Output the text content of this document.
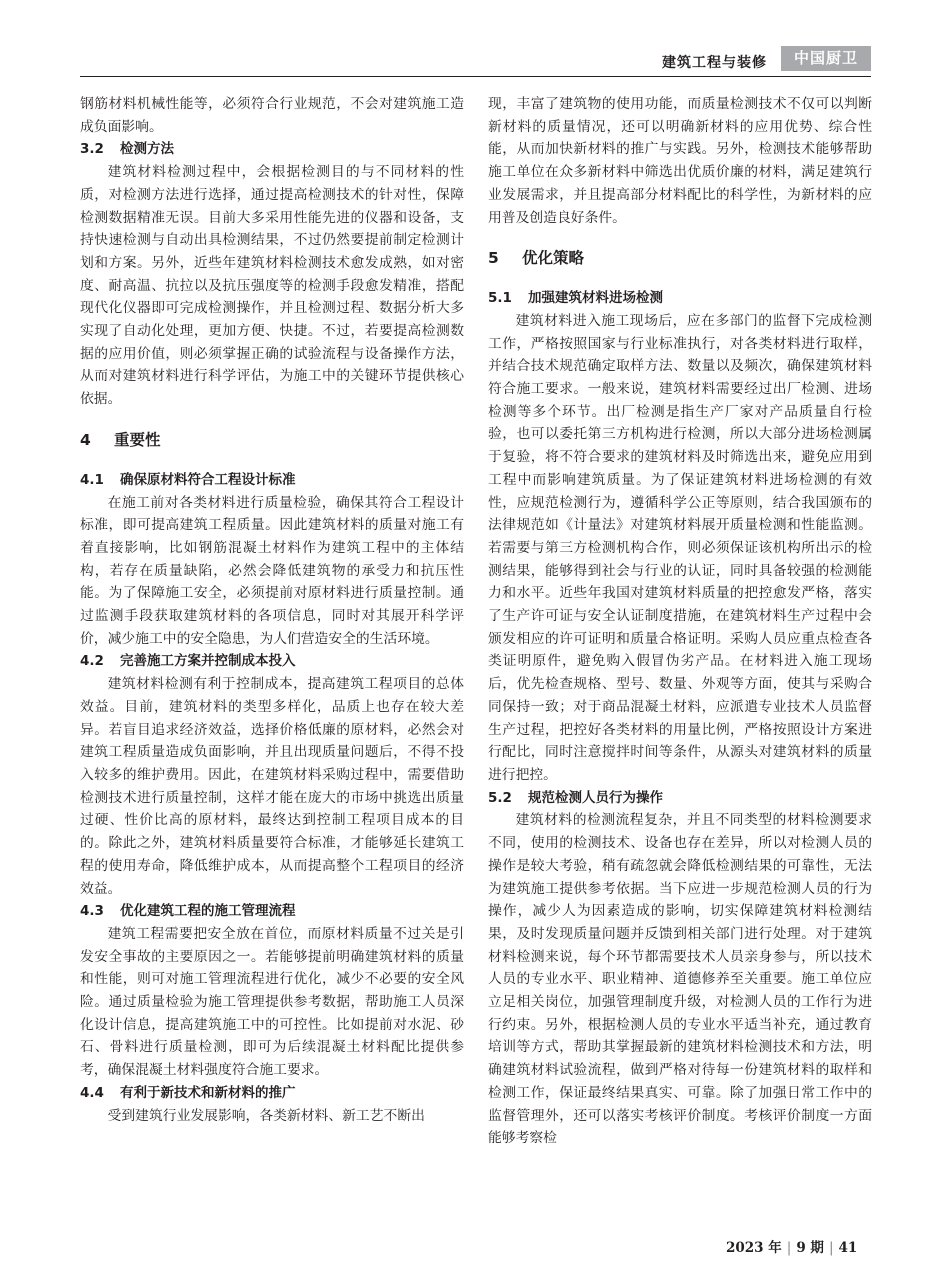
建筑工程与装修	中国厨卫

钢筋材料机械性能等，必须符合行业规范，不会对建筑施工造成负面影响。

3.2 检测方法

建筑材料检测过程中，会根据检测目的与不同材料的性质，对检测方法进行选择，通过提高检测技术的针对性，保障检测数据精准无误。目前大多采用性能先进的仪器和设备，支持快速检测与自动出具检测结果，不过仍然要提前制定检测计划和方案。另外，近些年建筑材料检测技术愈发成熟，如对密度、耐高温、抗拉以及抗压强度等的检测手段愈发精准，搭配现代化仪器即可完成检测操作，并且检测过程、数据分析大多实现了自动化处理，更加方便、快捷。不过，若要提高检测数据的应用价值，则必须掌握正确的试验流程与设备操作方法，从而对建筑材料进行科学评估，为施工中的关键环节提供核心依据。

4 重要性
4.1 确保原材料符合工程设计标准

在施工前对各类材料进行质量检验，确保其符合工程设计标准，即可提高建筑工程质量。因此建筑材料的质量对施工有着直接影响，比如钢筋混凝土材料作为建筑工程中的主体结构，若存在质量缺陷，必然会降低建筑物的承受力和抗压性能。为了保障施工安全，必须提前对原材料进行质量控制。通过监测手段获取建筑材料的各项信息，同时对其展开科学评价，减少施工中的安全隐患，为人们营造安全的生活环境。

4.2 完善施工方案并控制成本投入

建筑材料检测有利于控制成本，提高建筑工程项目的总体效益。目前，建筑材料的类型多样化，品质上也存在较大差异。若盲目追求经济效益，选择价格低廉的原材料，必然会对建筑工程质量造成负面影响，并且出现质量问题后，不得不投入较多的维护费用。因此，在建筑材料采购过程中，需要借助检测技术进行质量控制，这样才能在庞大的市场中挑选出质量过硬、性价比高的原材料，最终达到控制工程项目成本的目的。除此之外，建筑材料质量要符合标准，才能够延长建筑工程的使用寿命，降低维护成本，从而提高整个工程项目的经济效益。

4.3 优化建筑工程的施工管理流程

建筑工程需要把安全放在首位，而原材料质量不过关是引发安全事故的主要原因之一。若能够提前明确建筑材料的质量和性能，则可对施工管理流程进行优化，减少不必要的安全风险。通过质量检验为施工管理提供参考数据，帮助施工人员深化设计信息，提高建筑施工中的可控性。比如提前对水泥、砂石、骨料进行质量检测，即可为后续混凝土材料配比提供参考，确保混凝土材料强度符合施工要求。

4.4 有利于新技术和新材料的推广

受到建筑行业发展影响，各类新材料、新工艺不断出

现，丰富了建筑物的使用功能，而质量检测技术不仅可以判断新材料的质量情况，还可以明确新材料的应用优势、综合性能，从而加快新材料的推广与实践。另外，检测技术能够帮助施工单位在众多新材料中筛选出优质价廉的材料，满足建筑行业发展需求，并且提高部分材料配比的科学性，为新材料的应用普及创造良好条件。

5 优化策略
5.1 加强建筑材料进场检测

建筑材料进入施工现场后，应在多部门的监督下完成检测工作，严格按照国家与行业标准执行，对各类材料进行取样，并结合技术规范确定取样方法、数量以及频次，确保建筑材料符合施工要求。一般来说，建筑材料需要经过出厂检测、进场检测等多个环节。出厂检测是指生产厂家对产品质量自行检验，也可以委托第三方机构进行检测，所以大部分进场检测属于复验，将不符合要求的建筑材料及时筛选出来，避免应用到工程中而影响建筑质量。为了保证建筑材料进场检测的有效性，应规范检测行为，遵循科学公正等原则，结合我国颁布的法律规范如《计量法》对建筑材料展开质量检测和性能监测。若需要与第三方检测机构合作，则必须保证该机构所出示的检测结果，能够得到社会与行业的认证，同时具备较强的检测能力和水平。近些年我国对建筑材料质量的把控愈发严格，落实了生产许可证与安全认证制度措施，在建筑材料生产过程中会颁发相应的许可证明和质量合格证明。采购人员应重点检查各类证明原件，避免购入假冒伪劣产品。在材料进入施工现场后，优先检查规格、型号、数量、外观等方面，使其与采购合同保持一致；对于商品混凝土材料，应派遣专业技术人员监督生产过程，把控好各类材料的用量比例，严格按照设计方案进行配比，同时注意搅拌时间等条件，从源头对建筑材料的质量进行把控。

5.2 规范检测人员行为操作

建筑材料的检测流程复杂，并且不同类型的材料检测要求不同，使用的检测技术、设备也存在差异，所以对检测人员的操作是较大考验，稍有疏忽就会降低检测结果的可靠性，无法为建筑施工提供参考依据。当下应进一步规范检测人员的行为操作，减少人为因素造成的影响，切实保障建筑材料检测结果，及时发现质量问题并反馈到相关部门进行处理。对于建筑材料检测来说，每个环节都需要技术人员亲身参与，所以技术人员的专业水平、职业精神、道德修养至关重要。施工单位应立足相关岗位，加强管理制度升级，对检测人员的工作行为进行约束。另外，根据检测人员的专业水平适当补充，通过教育培训等方式，帮助其掌握最新的建筑材料检测技术和方法，明确建筑材料试验流程，做到严格对待每一份建筑材料的取样和检测工作，保证最终结果真实、可靠。除了加强日常工作中的监督管理外，还可以落实考核评价制度。考核评价制度一方面能够考察检

2023 年 | 9 期 | 41
